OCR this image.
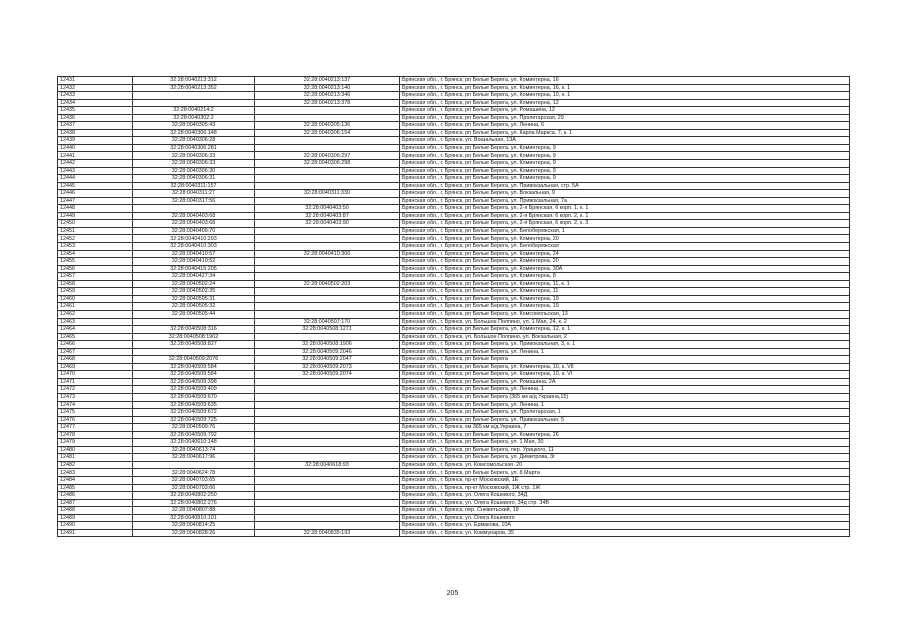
12431	32:28:0040213:312	32:28:0040213:137	Брянская обл., г. Брянск, рп Белые Берега, ул. Коминтерна, 16
12432	32:28:0040213:352	32:28:0040213:140	Брянская обл., г. Брянск, рп Белые Берега, ул. Коминтерна, 16, к. 1
12433		32:28:0040213:346	Брянская обл., г. Брянск, рп Белые Берега, ул. Коминтерна, 10, к. 1
12434		32:28:0040213:378	Брянская обл., г. Брянск, рп Белые Берега, ул. Коминтерна, 12
12435	32:28:0040214:2		Брянская обл., г. Брянск, рп Белые Берега, ул. Ромашина, 12
12436	32:28:0040302:2		Брянская обл., г. Брянск, рп Белые Берега, ул. Пролетарская, 29
12437	32:28:0040305:43	32:28:0040305:136	Брянская обл., г. Брянск, рп Белые Берега, ул. Ленина, 6
12438	32:28:0040306:148	32:28:0040306:154	Брянская обл., г. Брянск, рп Белые Берега, ул. Карла Маркса, 7, к. 1
12439	32:28:0040306:28		Брянская обл., г. Брянск, ул. Вокзальная, 13А
12440	32:28:0040306:281		Брянская обл., г. Брянск, рп Белые Берега, ул. Коминтерна, 9
12441	32:28:0040306:33	32:28:0040306:297	Брянская обл., г. Брянск, рп Белые Берега, ул. Коминтерна, 9
12442	32:28:0040306:33	32:28:0040306:298	Брянская обл., г. Брянск, рп Белые Берега, ул. Коминтерна, 9
12443	32:28:0040306:30		Брянская обл., г. Брянск, рп Белые Берега, ул. Коминтерна, 9
12444	32:28:0040306:31		Брянская обл., г. Брянск, рп Белые Берега, ул. Коминтерна, 9
12445	32:28:0040311:157		Брянская обл., г. Брянск, рп Белые Берега, ул. Привокзальная, стр. 5А
12446	32:28:0040311:27	32:28:0040311:330	Брянская обл., г. Брянск, рп Белые Берега, ул. Вокзальная, 9
12447	32:28:0040317:56		Брянская обл., г. Брянск, рп Белые Берега, ул. Привокзальная, 7а
12448		32:28:0040403:50	Брянская обл., г. Брянск, рп Белые Берега, ул. 2-я Брянская, 6 корп. 1, к. 1
12449	32:28:0040403:68	32:28:0040403:87	Брянская обл., г. Брянск, рп Белые Берега, ул. 2-я Брянская, 6 корп. 2, к. 1
12450	32:28:0040403:68	32:28:0040403:90	Брянская обл., г. Брянск, рп Белые Берега, ул. 2-я Брянская, 6 корп. 2, к. 3
12451	32:28:0040409:70		Брянская обл., г. Брянск, рп Белые Берега, ул. Белобережская, 1
12452	32:28:0040410:293		Брянская обл., г. Брянск, рп Белые Берега, ул. Коминтерна, 20
12453	32:28:0040410:303		Брянская обл., г. Брянск, рп Белые Берега, ул. Белобережская
12454	32:28:0040410:57	32:28:0040410:306	Брянская обл., г. Брянск, рп Белые Берега, ул. Коминтерна, 24
12455	32:28:0040410:52		Брянская обл., г. Брянск, рп Белые Берега, ул. Коминтерна, 20
12456	32:28:0040415:205		Брянская обл., г. Брянск, рп Белые Берега, ул. Коминтерна, 30А
12457	32:28:0040427:34		Брянская обл., г. Брянск, рп Белые Берега, ул. Коминтерна, 8
12458	32:28:0040502:24	32:28:0040502:203	Брянская обл., г. Брянск, рп Белые Берега, ул. Коминтерна, 11, к. 1
12459	32:28:0040502:35		Брянская обл., г. Брянск, рп Белые Берега, ул. Коминтерна, 11
12460	32:28:0040505:31		Брянская обл., г. Брянск, рп Белые Берега, ул. Коминтерна, 19
12461	32:28:0040505:32		Брянская обл., г. Брянск, рп Белые Берега, ул. Коминтерна, 19
12462	32:28:0040505:44		Брянская обл., г. Брянск, рп Белые Берега, ул. Комсомольская, 13
12463		32:28:0040507:170	Брянская обл., г. Брянск, ул. Большое Полпино, ул. 1 Мая, 24, к. 2
12464	32:28:0040508:316	32:28:0040508:1271	Брянская обл., г. Брянск, рп Белые Берега, ул. Коминтерна, 12, к. 1
12465	32:28:0040508:1902		Брянская обл., г. Брянск, ул. Большое Полпино, ул. Вокзальная, 2
12466	32:28:0040508:827	32:28:0040508:1906	Брянская обл., г. Брянск, рп Белые Берега, ул. Привокзальная, 3, к. 1
12467		32:28:0040509:2046	Брянская обл., г. Брянск, рп Белые Берега, ул. Ленина, 1
12468	32:28:0040509:2076	32:28:0040509:2047	Брянская обл., г. Брянск, рп Белые Берега
12469	32:28:0040509:584	32:28:0040509:2073	Брянская обл., г. Брянск, рп Белые Берега, ул. Коминтерна, 10, к. VII
12470	32:28:0040509:584	32:28:0040509:2074	Брянская обл., г. Брянск, рп Белые Берега, ул. Коминтерна, 10, к. VI
12471	32:28:0040509:398		Брянская обл., г. Брянск, рп Белые Берега, ул. Ромашина, 2А
12472	32:28:0040509:409		Брянская обл., г. Брянск, рп Белые Берега, ул. Ленина, 1
12473	32:28:0040509:670		Брянская обл., г. Брянск, рп Белые Берега (365 км а/д Украина,15)
12474	32:28:0040509:635		Брянская обл., г. Брянск, рп Белые Берега, ул. Ленина, 1
12475	32:28:0040509:672		Брянская обл., г. Брянск, рп Белые Берега, ул. Пролетарская, 1
12476	32:28:0040509:725		Брянская обл., г. Брянск, рп Белые Берега, ул. Привокзальная, 5
12477	32:28:0040509:76		Брянская обл., г. Брянск, км 365 км а/д Украина, 7
12478	32:28:0040509:792		Брянская обл., г. Брянск, рп Белые Берега, ул. Коминтерна, 26
12479	32:28:0040610:148		Брянская обл., г. Брянск, рп Белые Берега, ул. 1 Мая, 30
12480	32:28:0040613:74		Брянская обл., г. Брянск, рп Белые Берега, пер. Урицкого, 11
12481	32:28:0040617:96		Брянская обл., г. Брянск, рп Белые Берега, ул. Димитрова, 3г
12482		32:28:0040618:93	Брянская обл., г. Брянск, ул. Комсомольская, 20
12483	32:28:0040624:78		Брянская обл., г. Брянск, рп Белые Берега, ул. 8 Марта
12484	32:28:0040703:65		Брянская обл., г. Брянск, пр-кт Московский, 1Е
12485	32:28:0040703:66		Брянская обл., г. Брянск, пр-кт Московский, 1Ж стр. 1Ж
12486	32:28:0040802:250		Брянская обл., г. Брянск, ул. Олега Кошевого, 34Д
12487	32:28:0040802:276		Брянская обл., г. Брянск, ул. Олега Кошевого, 34д стр. 34В
12488	32:28:0040807:88		Брянская обл., г. Брянск, пер. Снежетьский, 19
12489	32:28:0040810:101		Брянская обл., г. Брянск, ул. Олега Кошевого
12490	32:28:0040814:25		Брянская обл., г. Брянск, ул. Ермакова, 10А
12491	32:28:0040828:26	32:28:0040835:193	Брянская обл., г. Брянск, ул. Коммунаров, 35
205
